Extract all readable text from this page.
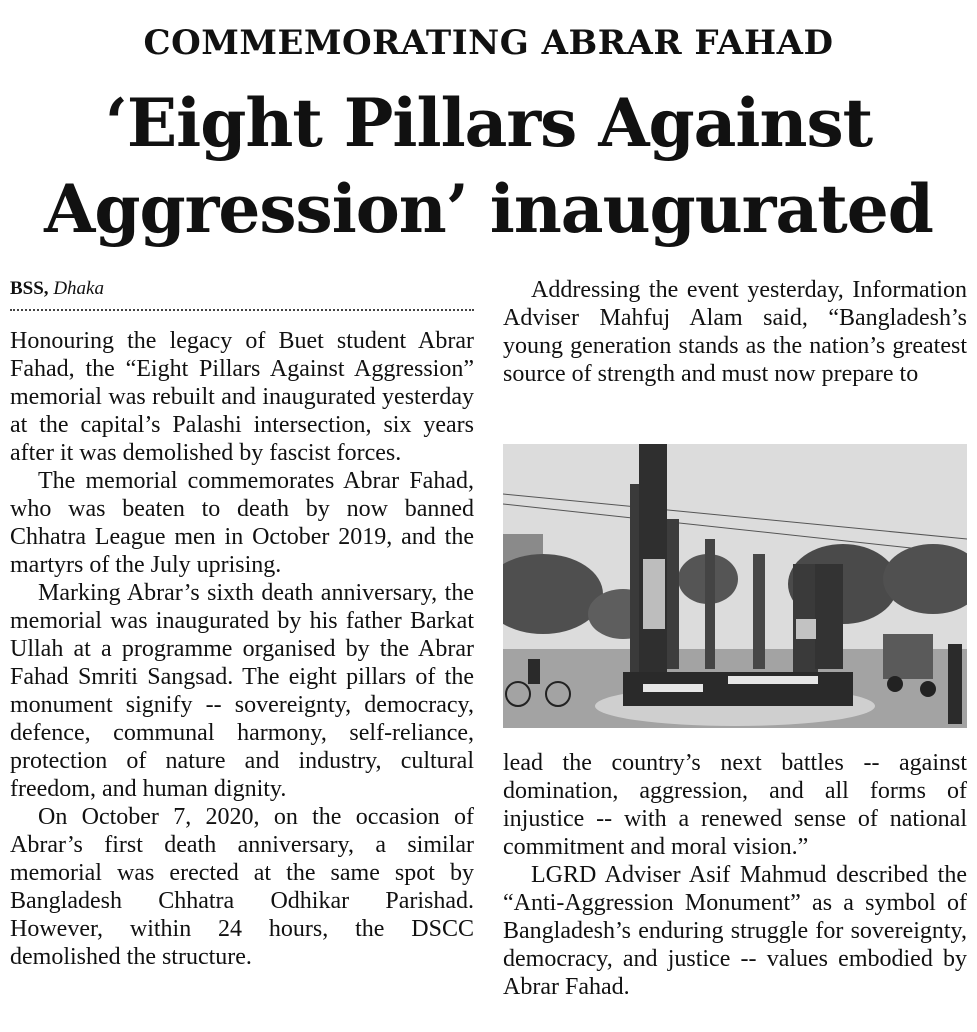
COMMEMORATING ABRAR FAHAD
‘Eight Pillars Against
Aggression’ inaugurated
BSS, Dhaka

Honouring the legacy of Buet student Abrar Fahad, the “Eight Pillars Against Aggression” memorial was rebuilt and inaugurated yesterday at the capital’s Palashi intersection, six years after it was demolished by fascist forces.

The memorial commemorates Abrar Fahad, who was beaten to death by now banned Chhatra League men in October 2019, and the martyrs of the July uprising.

Marking Abrar’s sixth death anniversary, the memorial was inaugurated by his father Barkat Ullah at a programme organised by the Abrar Fahad Smriti Sangsad. The eight pillars of the monument signify -- sovereignty, democracy, defence, communal harmony, self-reliance, protection of nature and industry, cultural freedom, and human dignity.

On October 7, 2020, on the occasion of Abrar’s first death anniversary, a similar memorial was erected at the same spot by Bangladesh Chhatra Odhikar Parishad. However, within 24 hours, the DSCC demolished the structure.

Addressing the event yesterday, Information Adviser Mahfuj Alam said, “Bangladesh’s young generation stands as the nation’s greatest source of strength and must now prepare to

lead the country’s next battles -- against domination, aggression, and all forms of injustice -- with a renewed sense of national commitment and moral vision.”

LGRD Adviser Asif Mahmud described the “Anti-Aggression Monument” as a symbol of Bangladesh’s enduring struggle for sovereignty, democracy, and justice -- values embodied by Abrar Fahad.
